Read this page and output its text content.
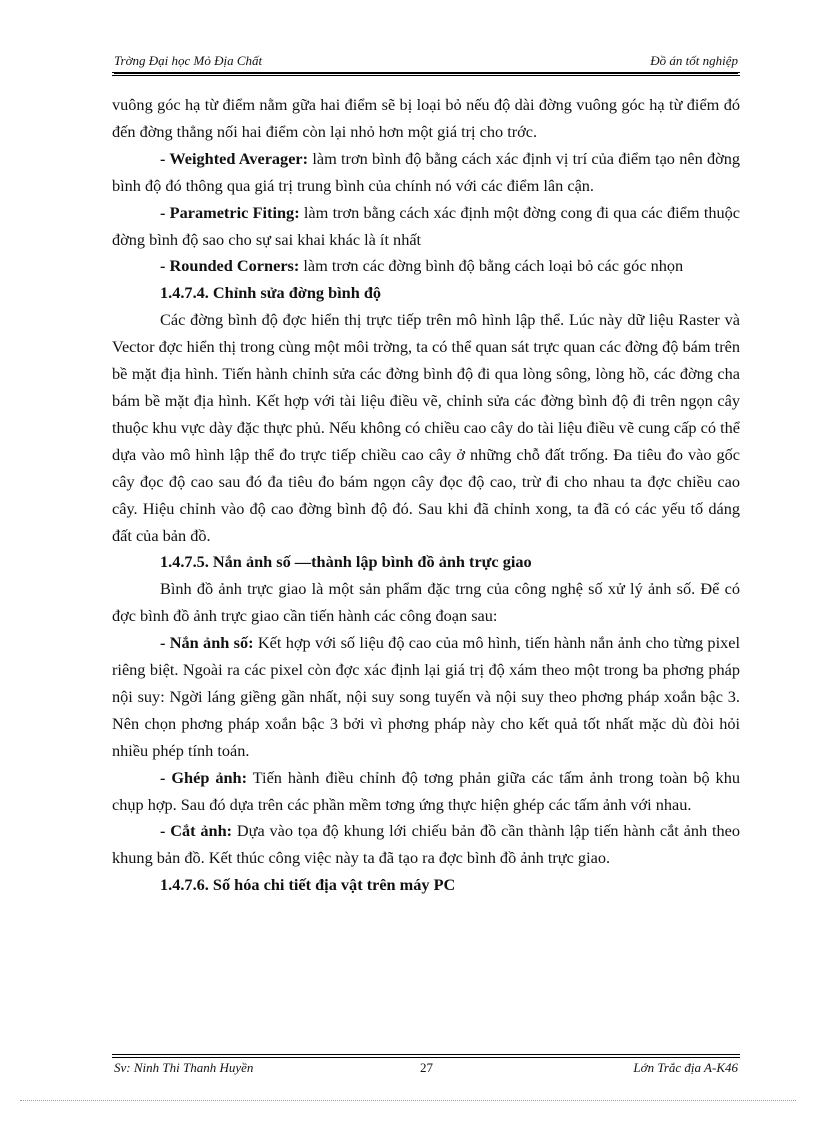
Trờng Đại học Mỏ Địa Chất	Đồ án tốt nghiệp

vuông góc hạ từ điểm nằm gữa hai điểm sẽ bị loại bỏ nếu độ dài đờng vuông góc hạ từ điểm đó đến đờng thẳng nối hai điểm còn lại nhỏ hơn một giá trị cho trớc.

- Weighted Averager: làm trơn bình độ bằng cách xác định vị trí của điểm tạo nên đờng bình độ đó thông qua giá trị trung bình của chính nó với các điểm lân cận.

- Parametric Fiting: làm trơn bằng cách xác định một đờng cong đi qua các điểm thuộc đờng bình độ sao cho sự sai khai khác là ít nhất

- Rounded Corners: làm trơn các đờng bình độ bằng cách loại bỏ các góc nhọn

1.4.7.4. Chỉnh sửa đờng bình độ

Các đờng bình độ đợc hiển thị trực tiếp trên mô hình lập thể. Lúc này dữ liệu Raster và Vector đợc hiển thị trong cùng một môi trờng, ta có thể quan sát trực quan các đờng độ bám trên bề mặt địa hình. Tiến hành chỉnh sửa các đờng bình độ đi qua lòng sông, lòng hồ, các đờng cha bám bề mặt địa hình. Kết hợp với tài liệu điều vẽ, chỉnh sửa các đờng bình độ đi trên ngọn cây thuộc khu vực dày đặc thực phủ. Nếu không có chiều cao cây do tài liệu điều vẽ cung cấp có thể dựa vào mô hình lập thể đo trực tiếp chiều cao cây ở những chỗ đất trống. Đa tiêu đo vào gốc cây đọc độ cao sau đó đa tiêu đo bám ngọn cây đọc độ cao, trừ đi cho nhau ta đợc chiều cao cây. Hiệu chỉnh vào độ cao đờng bình độ đó. Sau khi đã chỉnh xong, ta đã có các yếu tố dáng đất của bản đồ.

1.4.7.5. Nắn ảnh số —thành lập bình đồ ảnh trực giao

Bình đồ ảnh trực giao là một sản phẩm đặc trng của công nghệ số xử lý ảnh số. Để có đợc bình đồ ảnh trực giao cần tiến hành các công đoạn sau:

- Nắn ảnh số: Kết hợp với số liệu độ cao của mô hình, tiến hành nắn ảnh cho từng pixel riêng biệt. Ngoài ra các pixel còn đợc xác định lại giá trị độ xám theo một trong ba phơng pháp nội suy: Ngời láng giềng gần nhất, nội suy song tuyến và nội suy theo phơng pháp xoắn bậc 3. Nên chọn phơng pháp xoắn bậc 3 bởi vì phơng pháp này cho kết quả tốt nhất mặc dù đòi hỏi nhiều phép tính toán.

- Ghép ảnh: Tiến hành điều chỉnh độ tơng phản giữa các tấm ảnh trong toàn bộ khu chụp hợp. Sau đó dựa trên các phần mềm tơng ứng thực hiện ghép các tấm ảnh với nhau.

- Cắt ảnh: Dựa vào tọa độ khung lới chiếu bản đồ cần thành lập tiến hành cắt ảnh theo khung bản đồ. Kết thúc công việc này ta đã tạo ra đợc bình đồ ảnh trực giao.

1.4.7.6. Số hóa chi tiết địa vật trên máy PC

Sv: Ninh Thi Thanh Huyền	27	Lớn Trắc địa A-K46
